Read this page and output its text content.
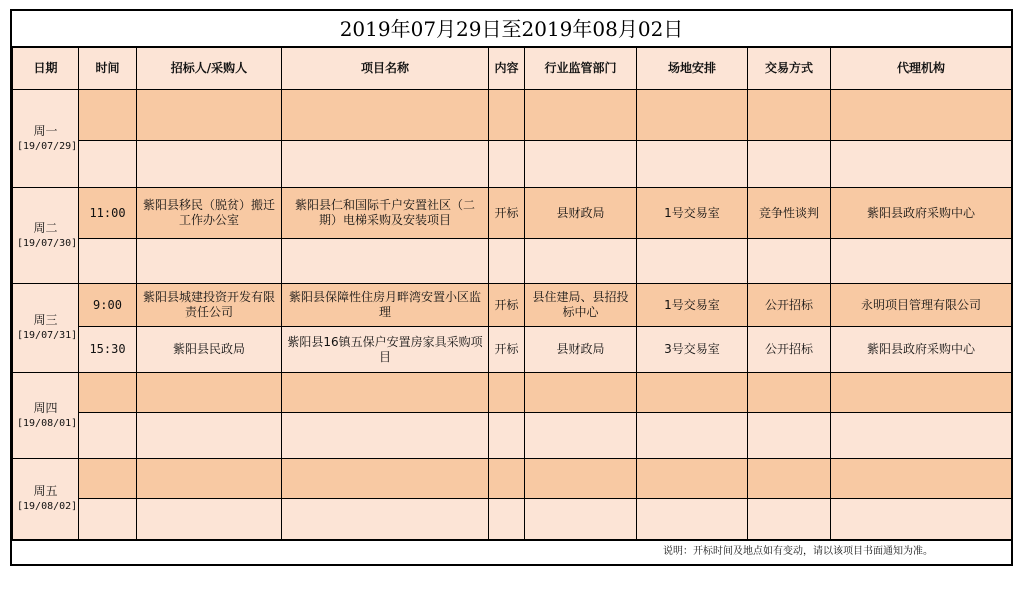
2019年07月29日至2019年08月02日
日期	时间	招标人/采购人	项目名称	内容	行业监管部门	场地安排	交易方式	代理机构

周一
[19/07/29]								

周二
[19/07/30]	11:00	紫阳县移民（脱贫）搬迁工作办公室	紫阳县仁和国际千户安置社区（二期）电梯采购及安装项目	开标	县财政局	1号交易室	竞争性谈判	紫阳县政府采购中心

周三
[19/07/31]	9:00	紫阳县城建投资开发有限责任公司	紫阳县保障性住房月畔湾安置小区监理	开标	县住建局、县招投标中心	1号交易室	公开招标	永明项目管理有限公司
	15:30	紫阳县民政局	紫阳县16镇五保户安置房家具采购项目	开标	县财政局	3号交易室	公开招标	紫阳县政府采购中心

周四
[19/08/01]								

周五
[19/08/02]								

说明：开标时间及地点如有变动，请以该项目书面通知为准。
